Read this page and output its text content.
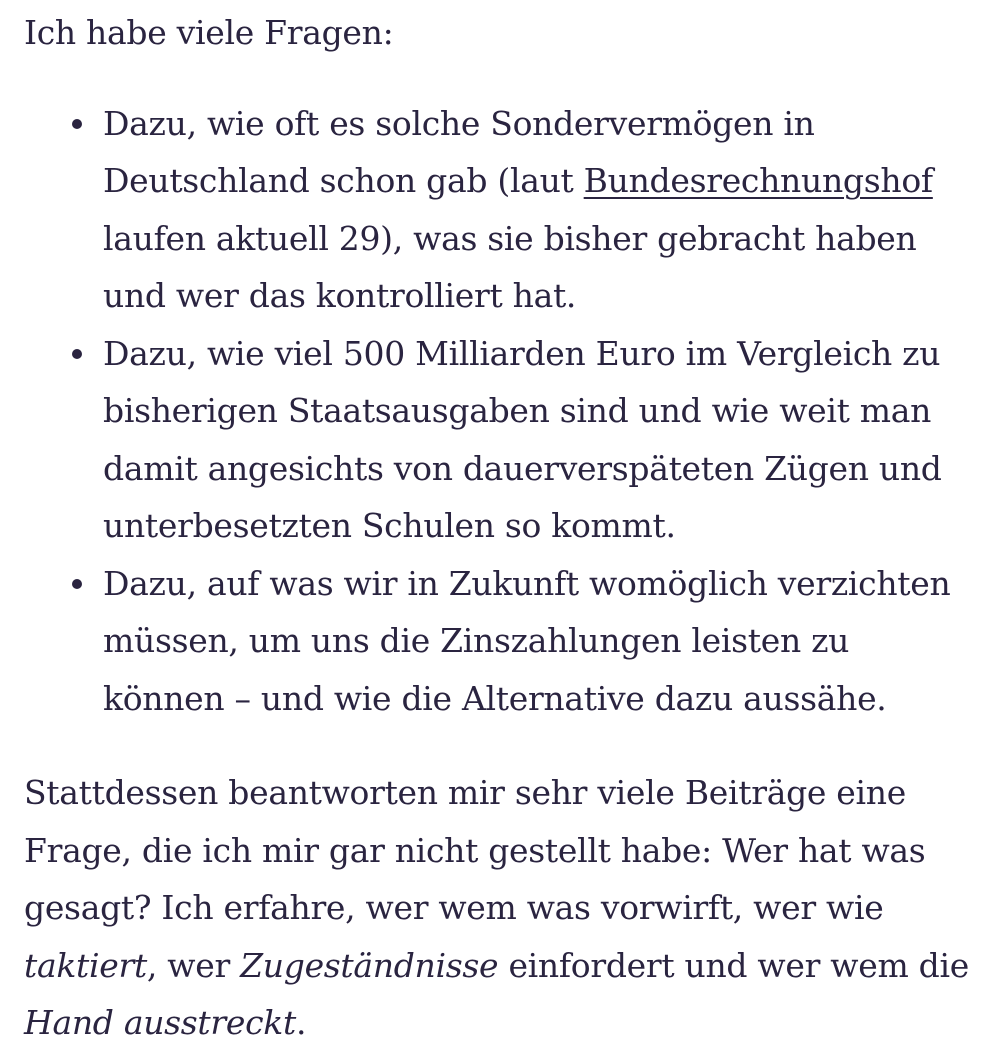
Ich habe viele Fragen:

Dazu, wie oft es solche Sondervermögen in Deutschland schon gab (laut Bundesrechnungshof laufen aktuell 29), was sie bisher gebracht haben und wer das kontrolliert hat.
Dazu, wie viel 500 Milliarden Euro im Vergleich zu bisherigen Staatsausgaben sind und wie weit man damit angesichts von dauerverspäteten Zügen und unterbesetzten Schulen so kommt.
Dazu, auf was wir in Zukunft womöglich verzichten müssen, um uns die Zinszahlungen leisten zu können – und wie die Alternative dazu aussähe.

Stattdessen beantworten mir sehr viele Beiträge eine Frage, die ich mir gar nicht gestellt habe: Wer hat was gesagt? Ich erfahre, wer wem was vorwirft, wer wie taktiert, wer Zugeständnisse einfordert und wer wem die Hand ausstreckt.
